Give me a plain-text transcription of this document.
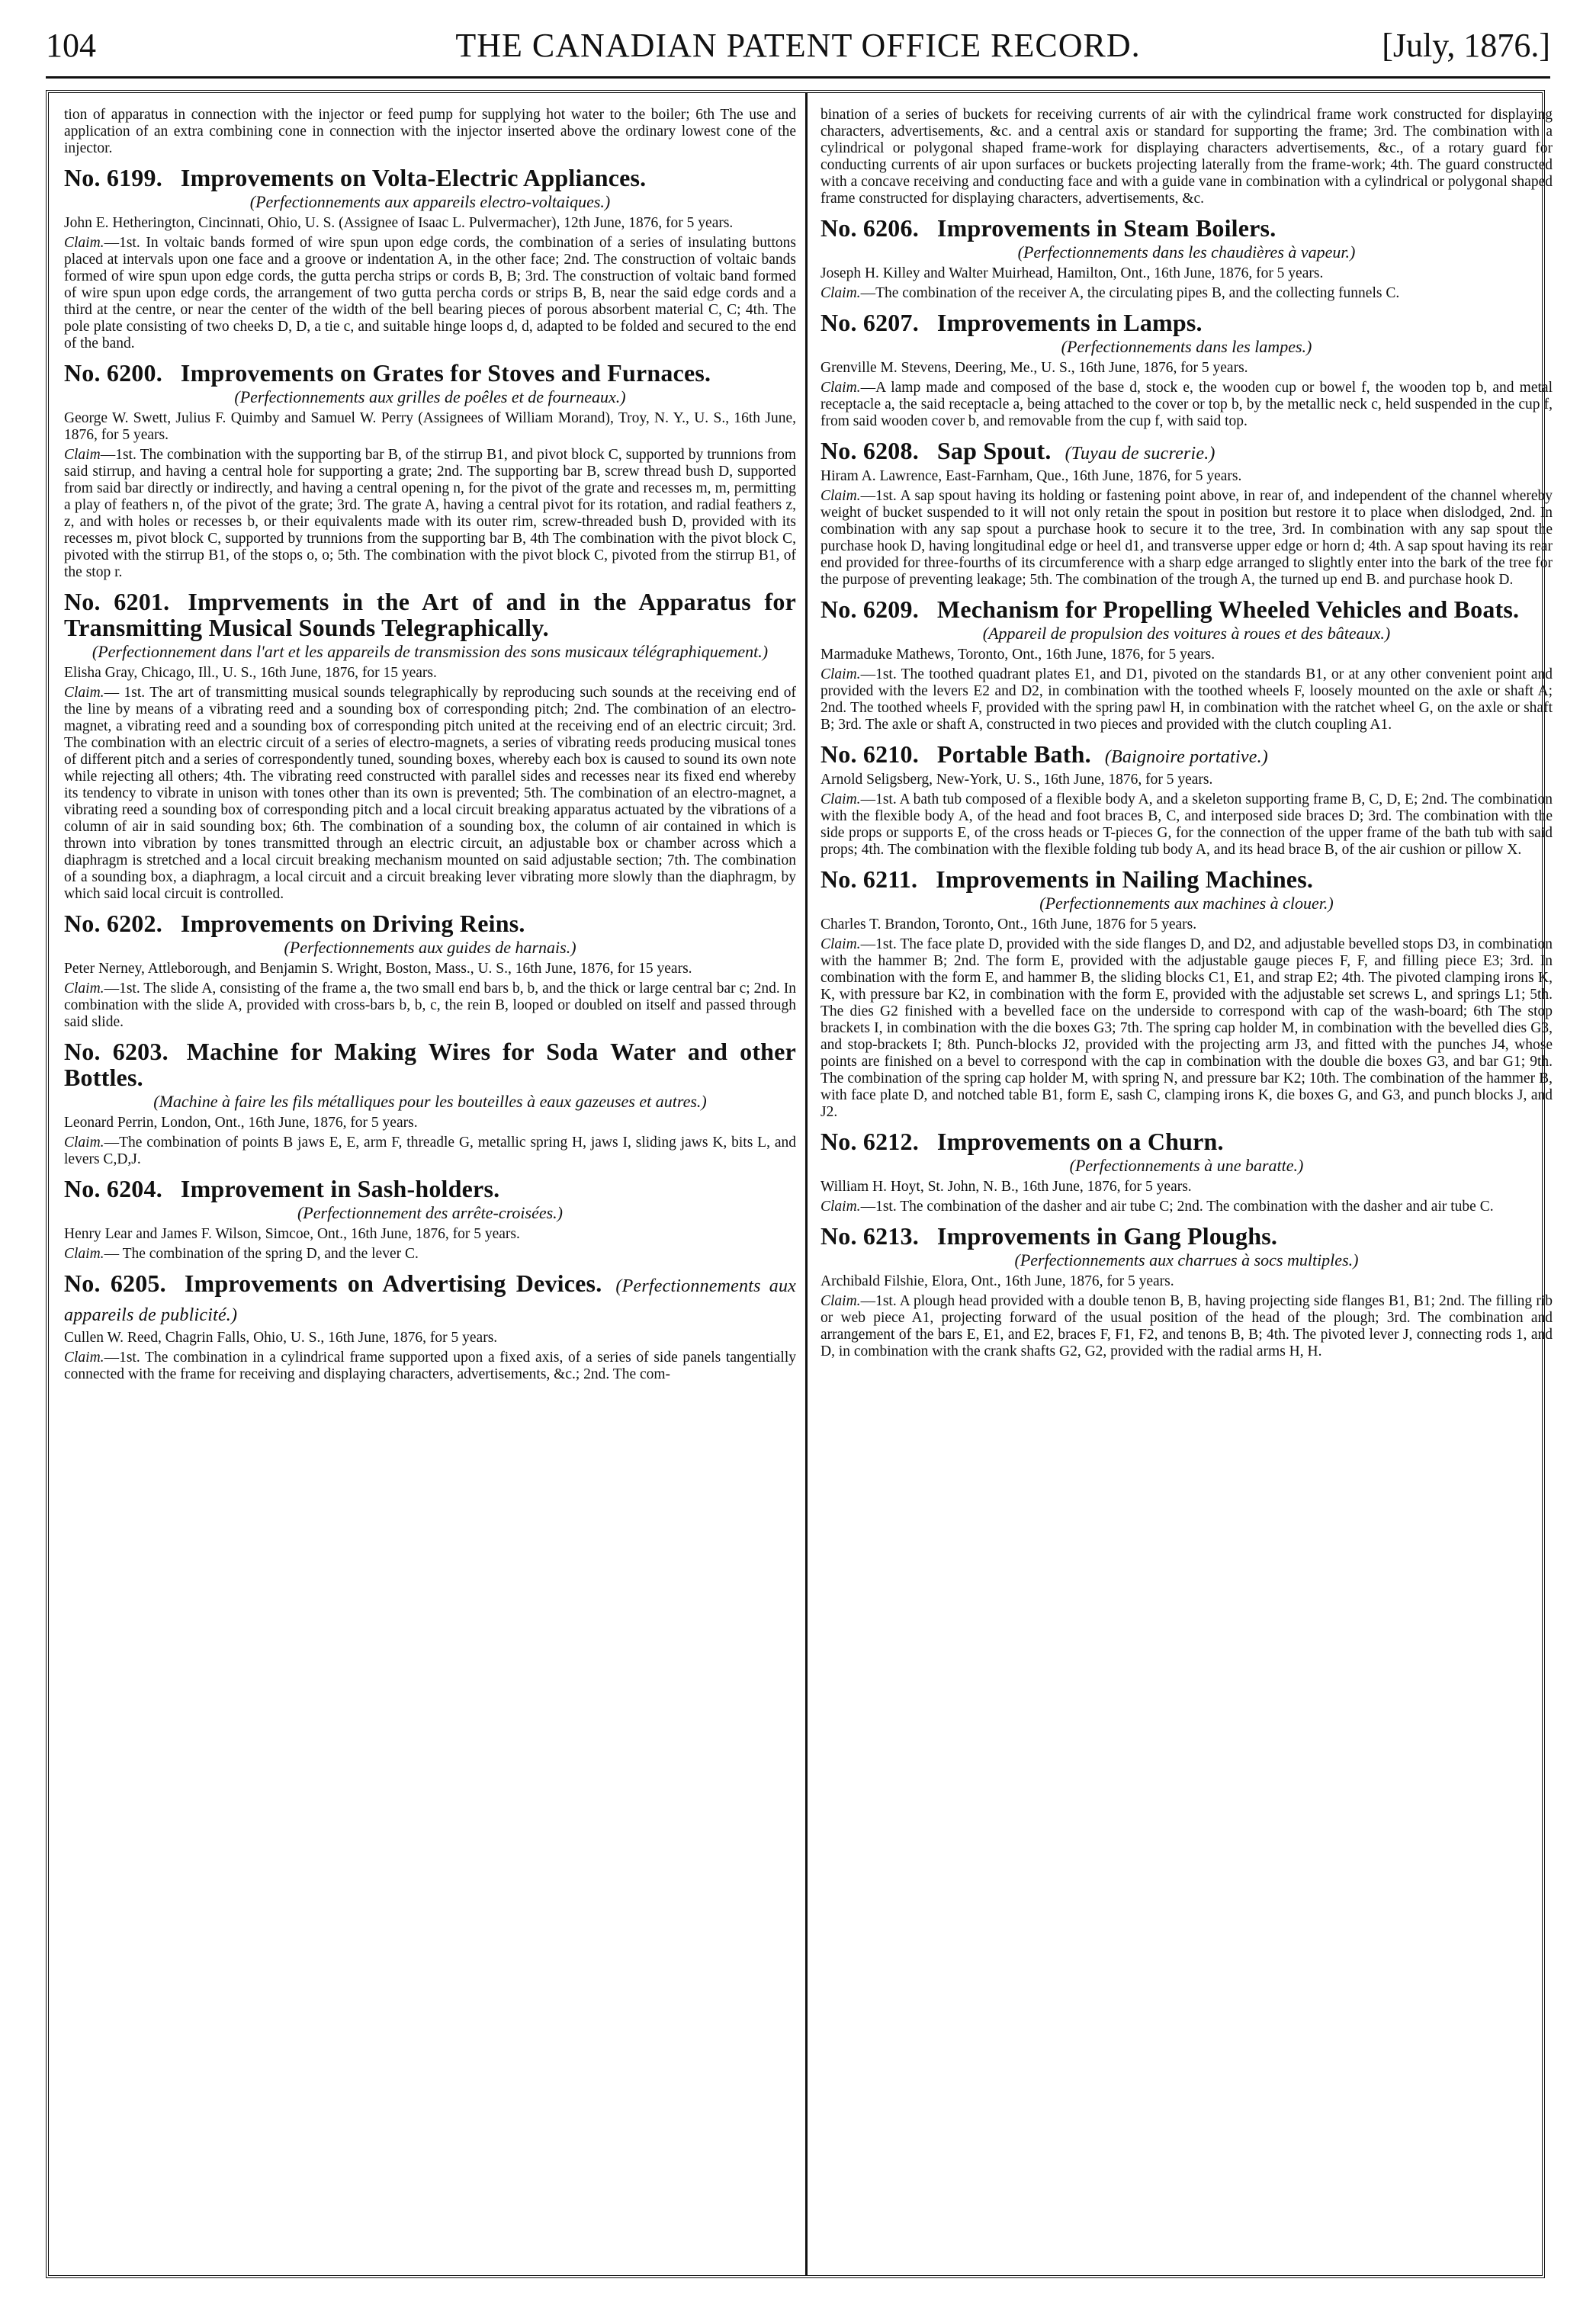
104	THE CANADIAN PATENT OFFICE RECORD.	[July, 1876.]

tion of apparatus in connection with the injector or feed pump for supplying hot water to the boiler; 6th The use and application of an extra combining cone in connection with the injector inserted above the ordinary lowest cone of the injector.

No. 6199. Improvements on Volta-Electric Appliances.
(Perfectionnements aux appareils electro-voltaiques.)

John E. Hetherington, Cincinnati, Ohio, U. S. (Assignee of Isaac L. Pulvermacher), 12th June, 1876, for 5 years.

Claim.—1st. In voltaic bands formed of wire spun upon edge cords, the combination of a series of insulating buttons placed at intervals upon one face and a groove or indentation A, in the other face; 2nd. The construction of voltaic bands formed of wire spun upon edge cords, the gutta percha strips or cords B, B; 3rd. The construction of voltaic band formed of wire spun upon edge cords, the arrangement of two gutta percha cords or strips B, B, near the said edge cords and a third at the centre, or near the center of the width of the bell bearing pieces of porous absorbent material C, C; 4th. The pole plate consisting of two cheeks D, D, a tie c, and suitable hinge loops d, d, adapted to be folded and secured to the end of the band.

No. 6200. Improvements on Grates for Stoves and Furnaces.
(Perfectionnements aux grilles de poêles et de fourneaux.)

George W. Swett, Julius F. Quimby and Samuel W. Perry (Assignees of William Morand), Troy, N. Y., U. S., 16th June, 1876, for 5 years.

Claim—1st. The combination with the supporting bar B, of the stirrup B1, and pivot block C, supported by trunnions from said stirrup, and having a central hole for supporting a grate; 2nd. The supporting bar B, screw thread bush D, supported from said bar directly or indirectly, and having a central opening n, for the pivot of the grate and recesses m, m, permitting a play of feathers n, of the pivot of the grate; 3rd. The grate A, having a central pivot for its rotation, and radial feathers z, z, and with holes or recesses b, or their equivalents made with its outer rim, screw-threaded bush D, provided with its recesses m, pivot block C, supported by trunnions from the supporting bar B, 4th The combination with the pivot block C, pivoted with the stirrup B1, of the stops o, o; 5th. The combination with the pivot block C, pivoted from the stirrup B1, of the stop r.

No. 6201. Imprvements in the Art of and in the Apparatus for Transmitting Musical Sounds Telegraphically.
(Perfectionnement dans l'art et les appareils de transmission des sons musicaux télégraphiquement.)

Elisha Gray, Chicago, Ill., U. S., 16th June, 1876, for 15 years.

Claim.— 1st. The art of transmitting musical sounds telegraphically by reproducing such sounds at the receiving end of the line by means of a vibrating reed and a sounding box of corresponding pitch; 2nd. The combination of an electro-magnet, a vibrating reed and a sounding box of corresponding pitch united at the receiving end of an electric circuit; 3rd. The combination with an electric circuit of a series of electro-magnets, a series of vibrating reeds producing musical tones of different pitch and a series of correspondently tuned, sounding boxes, whereby each box is caused to sound its own note while rejecting all others; 4th. The vibrating reed constructed with parallel sides and recesses near its fixed end whereby its tendency to vibrate in unison with tones other than its own is prevented; 5th. The combination of an electro-magnet, a vibrating reed a sounding box of corresponding pitch and a local circuit breaking apparatus actuated by the vibrations of a column of air in said sounding box; 6th. The combination of a sounding box, the column of air contained in which is thrown into vibration by tones transmitted through an electric circuit, an adjustable box or chamber across which a diaphragm is stretched and a local circuit breaking mechanism mounted on said adjustable section; 7th. The combination of a sounding box, a diaphragm, a local circuit and a circuit breaking lever vibrating more slowly than the diaphragm, by which said local circuit is controlled.

No. 6202. Improvements on Driving Reins.
(Perfectionnements aux guides de harnais.)

Peter Nerney, Attleborough, and Benjamin S. Wright, Boston, Mass., U. S., 16th June, 1876, for 15 years.

Claim.—1st. The slide A, consisting of the frame a, the two small end bars b, b, and the thick or large central bar c; 2nd. In combination with the slide A, provided with cross-bars b, b, c, the rein B, looped or doubled on itself and passed through said slide.

No. 6203. Machine for Making Wires for Soda Water and other Bottles.
(Machine à faire les fils métalliques pour les bouteilles à eaux gazeuses et autres.)

Leonard Perrin, London, Ont., 16th June, 1876, for 5 years.

Claim.—The combination of points B jaws E, E, arm F, threadle G, metallic spring H, jaws I, sliding jaws K, bits L, and levers C,D,J.

No. 6204. Improvement in Sash-holders.
(Perfectionnement des arrête-croisées.)

Henry Lear and James F. Wilson, Simcoe, Ont., 16th June, 1876, for 5 years.

Claim.— The combination of the spring D, and the lever C.

No. 6205. Improvements on Advertising Devices. (Perfectionnements aux appareils de publicité.)

Cullen W. Reed, Chagrin Falls, Ohio, U. S., 16th June, 1876, for 5 years.

Claim.—1st. The combination in a cylindrical frame supported upon a fixed axis, of a series of side panels tangentially connected with the frame for receiving and displaying characters, advertisements, &c.; 2nd. The com-

bination of a series of buckets for receiving currents of air with the cylindrical frame work constructed for displaying characters, advertisements, &c. and a central axis or standard for supporting the frame; 3rd. The combination with a cylindrical or polygonal shaped frame-work for displaying characters advertisements, &c., of a rotary guard for conducting currents of air upon surfaces or buckets projecting laterally from the frame-work; 4th. The guard constructed with a concave receiving and conducting face and with a guide vane in combination with a cylindrical or polygonal shaped frame constructed for displaying characters, advertisements, &c.

No. 6206. Improvements in Steam Boilers.
(Perfectionnements dans les chaudières à vapeur.)

Joseph H. Killey and Walter Muirhead, Hamilton, Ont., 16th June, 1876, for 5 years.

Claim.—The combination of the receiver A, the circulating pipes B, and the collecting funnels C.

No. 6207. Improvements in Lamps.
(Perfectionnements dans les lampes.)

Grenville M. Stevens, Deering, Me., U. S., 16th June, 1876, for 5 years.

Claim.—A lamp made and composed of the base d, stock e, the wooden cup or bowel f, the wooden top b, and metal receptacle a, the said receptacle a, being attached to the cover or top b, by the metallic neck c, held suspended in the cup f, from said wooden cover b, and removable from the cup f, with said top.

No. 6208. Sap Spout. (Tuyau de sucrerie.)

Hiram A. Lawrence, East-Farnham, Que., 16th June, 1876, for 5 years.

Claim.—1st. A sap spout having its holding or fastening point above, in rear of, and independent of the channel whereby weight of bucket suspended to it will not only retain the spout in position but restore it to place when dislodged, 2nd. In combination with any sap spout a purchase hook to secure it to the tree, 3rd. In combination with any sap spout the purchase hook D, having longitudinal edge or heel d1, and transverse upper edge or horn d; 4th. A sap spout having its rear end provided for three-fourths of its circumference with a sharp edge arranged to slightly enter into the bark of the tree for the purpose of preventing leakage; 5th. The combination of the trough A, the turned up end B. and purchase hook D.

No. 6209. Mechanism for Propelling Wheeled Vehicles and Boats.
(Appareil de propulsion des voitures à roues et des bâteaux.)

Marmaduke Mathews, Toronto, Ont., 16th June, 1876, for 5 years.

Claim.—1st. The toothed quadrant plates E1, and D1, pivoted on the standards B1, or at any other convenient point and provided with the levers E2 and D2, in combination with the toothed wheels F, loosely mounted on the axle or shaft A; 2nd. The toothed wheels F, provided with the spring pawl H, in combination with the ratchet wheel G, on the axle or shaft B; 3rd. The axle or shaft A, constructed in two pieces and provided with the clutch coupling A1.

No. 6210. Portable Bath. (Baignoire portative.)

Arnold Seligsberg, New-York, U. S., 16th June, 1876, for 5 years.

Claim.—1st. A bath tub composed of a flexible body A, and a skeleton supporting frame B, C, D, E; 2nd. The combination with the flexible body A, of the head and foot braces B, C, and interposed side braces D; 3rd. The combination with the side props or supports E, of the cross heads or T-pieces G, for the connection of the upper frame of the bath tub with said props; 4th. The combination with the flexible folding tub body A, and its head brace B, of the air cushion or pillow X.

No. 6211. Improvements in Nailing Machines.
(Perfectionnements aux machines à clouer.)

Charles T. Brandon, Toronto, Ont., 16th June, 1876 for 5 years.

Claim.—1st. The face plate D, provided with the side flanges D, and D2, and adjustable bevelled stops D3, in combination with the hammer B; 2nd. The form E, provided with the adjustable gauge pieces F, F, and filling piece E3; 3rd. In combination with the form E, and hammer B, the sliding blocks C1, E1, and strap E2; 4th. The pivoted clamping irons K, K, with pressure bar K2, in combination with the form E, provided with the adjustable set screws L, and springs L1; 5th. The dies G2 finished with a bevelled face on the underside to correspond with cap of the wash-board; 6th The stop brackets I, in combination with the die boxes G3; 7th. The spring cap holder M, in combination with the bevelled dies G3, and stop-brackets I; 8th. Punch-blocks J2, provided with the projecting arm J3, and fitted with the punches J4, whose points are finished on a bevel to correspond with the cap in combination with the double die boxes G3, and bar G1; 9th. The combination of the spring cap holder M, with spring N, and pressure bar K2; 10th. The combination of the hammer B, with face plate D, and notched table B1, form E, sash C, clamping irons K, die boxes G, and G3, and punch blocks J, and J2.

No. 6212. Improvements on a Churn.
(Perfectionnements à une baratte.)

William H. Hoyt, St. John, N. B., 16th June, 1876, for 5 years.

Claim.—1st. The combination of the dasher and air tube C; 2nd. The combination with the dasher and air tube C.

No. 6213. Improvements in Gang Ploughs.
(Perfectionnements aux charrues à socs multiples.)

Archibald Filshie, Elora, Ont., 16th June, 1876, for 5 years.

Claim.—1st. A plough head provided with a double tenon B, B, having projecting side flanges B1, B1; 2nd. The filling rib or web piece A1, projecting forward of the usual position of the head of the plough; 3rd. The combination and arrangement of the bars E, E1, and E2, braces F, F1, F2, and tenons B, B; 4th. The pivoted lever J, connecting rods 1, and D, in combination with the crank shafts G2, G2, provided with the radial arms H, H.
